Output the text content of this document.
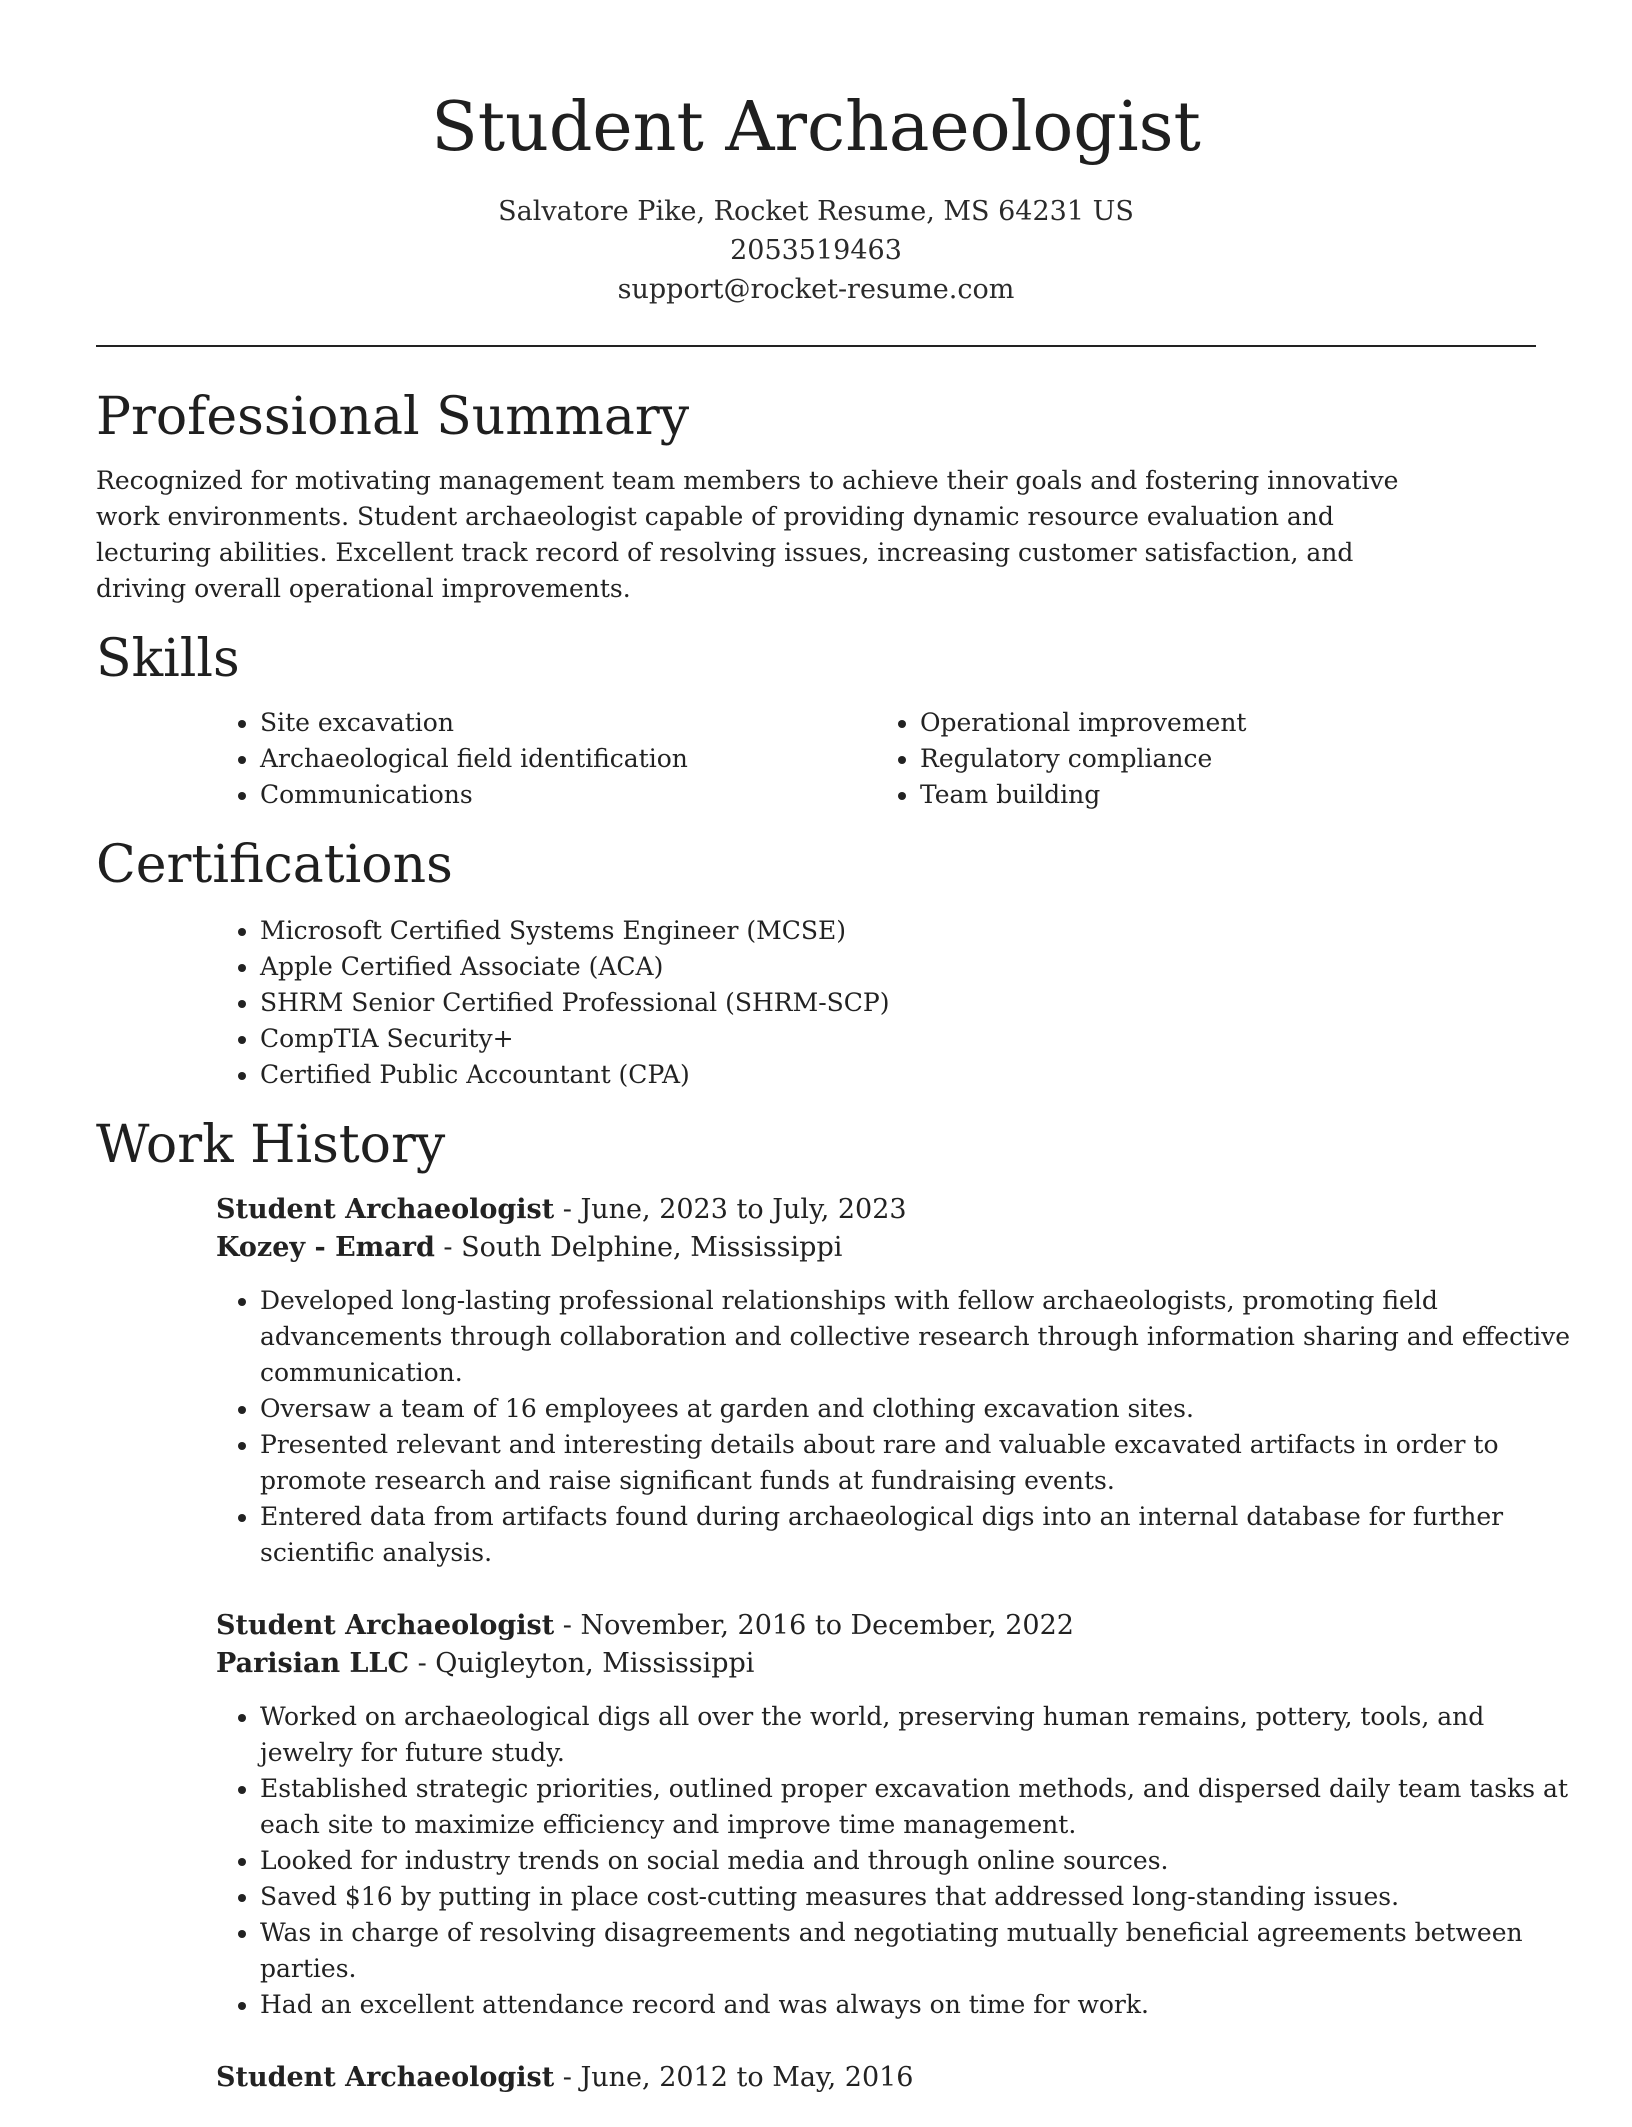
Student Archaeologist
Salvatore Pike, Rocket Resume, MS 64231 US
2053519463
support@rocket-resume.com
Professional Summary

Recognized for motivating management team members to achieve their goals and fostering innovative work environments. Student archaeologist capable of providing dynamic resource evaluation and lecturing abilities. Excellent track record of resolving issues, increasing customer satisfaction, and driving overall operational improvements.

Skills
• Site excavation
• Archaeological field identification
• Communications
• Operational improvement
• Regulatory compliance
• Team building
Certifications
• Microsoft Certified Systems Engineer (MCSE)
• Apple Certified Associate (ACA)
• SHRM Senior Certified Professional (SHRM-SCP)
• CompTIA Security+
• Certified Public Accountant (CPA)
Work History
Student Archaeologist - June, 2023 to July, 2023
Kozey - Emard - South Delphine, Mississippi
• Developed long-lasting professional relationships with fellow archaeologists, promoting field advancements through collaboration and collective research through information sharing and effective communication.
• Oversaw a team of 16 employees at garden and clothing excavation sites.
• Presented relevant and interesting details about rare and valuable excavated artifacts in order to promote research and raise significant funds at fundraising events.
• Entered data from artifacts found during archaeological digs into an internal database for further scientific analysis.
Student Archaeologist - November, 2016 to December, 2022
Parisian LLC - Quigleyton, Mississippi
• Worked on archaeological digs all over the world, preserving human remains, pottery, tools, and jewelry for future study.
• Established strategic priorities, outlined proper excavation methods, and dispersed daily team tasks at each site to maximize efficiency and improve time management.
• Looked for industry trends on social media and through online sources.
• Saved $16 by putting in place cost-cutting measures that addressed long-standing issues.
• Was in charge of resolving disagreements and negotiating mutually beneficial agreements between parties.
• Had an excellent attendance record and was always on time for work.
Student Archaeologist - June, 2012 to May, 2016
